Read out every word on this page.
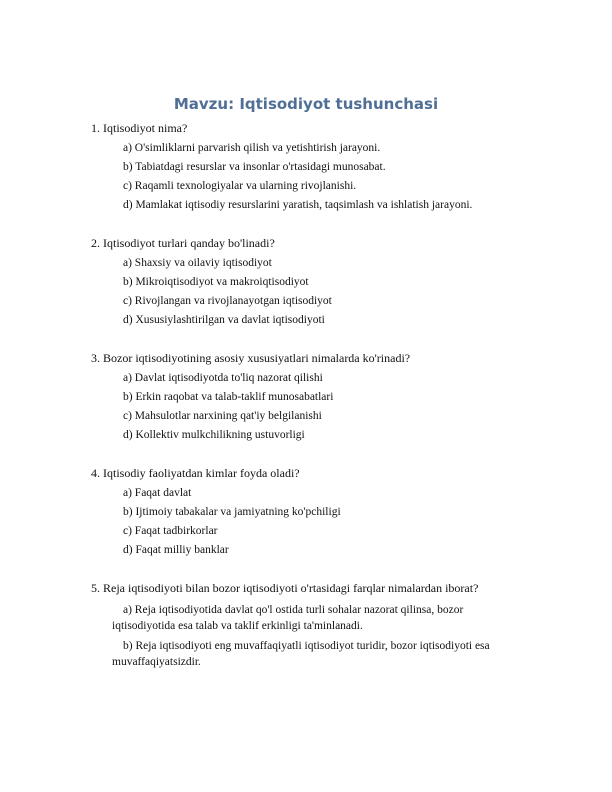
Mavzu: Iqtisodiyot tushunchasi
1. Iqtisodiyot nima?
a) O'simliklarni parvarish qilish va yetishtirish jarayoni.
b) Tabiatdagi resurslar va insonlar o'rtasidagi munosabat.
c) Raqamli texnologiyalar va ularning rivojlanishi.
d) Mamlakat iqtisodiy resurslarini yaratish, taqsimlash va ishlatish jarayoni.
2. Iqtisodiyot turlari qanday bo'linadi?
a) Shaxsiy va oilaviy iqtisodiyot
b) Mikroiqtisodiyot va makroiqtisodiyot
c) Rivojlangan va rivojlanayotgan iqtisodiyot
d) Xususiylashtirilgan va davlat iqtisodiyoti
3. Bozor iqtisodiyotining asosiy xususiyatlari nimalarda ko'rinadi?
a) Davlat iqtisodiyotda to'liq nazorat qilishi
b) Erkin raqobat va talab-taklif munosabatlari
c) Mahsulotlar narxining qat'iy belgilanishi
d) Kollektiv mulkchilikning ustuvorligi
4. Iqtisodiy faoliyatdan kimlar foyda oladi?
a) Faqat davlat
b) Ijtimoiy tabakalar va jamiyatning ko'pchiligi
c) Faqat tadbirkorlar
d) Faqat milliy banklar
5. Reja iqtisodiyoti bilan bozor iqtisodiyoti o'rtasidagi farqlar nimalardan iborat?
a) Reja iqtisodiyotida davlat qo'l ostida turli sohalar nazorat qilinsa, bozor iqtisodiyotida esa talab va taklif erkinligi ta'minlanadi.
b) Reja iqtisodiyoti eng muvaffaqiyatli iqtisodiyot turidir, bozor iqtisodiyoti esa muvaffaqiyatsizdir.
